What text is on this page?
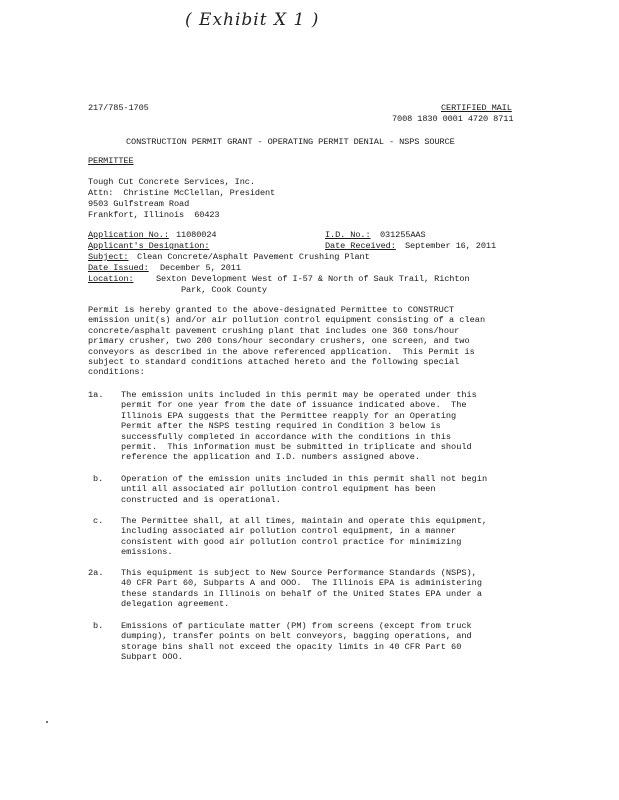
( Exhibit X 1 )
217/785-1705	CERTIFIED MAIL
7008 1830 0001 4720 8711
CONSTRUCTION PERMIT GRANT - OPERATING PERMIT DENIAL - NSPS SOURCE
PERMITTEE
Tough Cut Concrete Services, Inc.
Attn:  Christine McClellan, President
9503 Gulfstream Road
Frankfort, Illinois  60423
Application No.: 11080024	I.D. No.: 031255AAS
Applicant's Designation:	Date Received: September 16, 2011
Subject: Clean Concrete/Asphalt Pavement Crushing Plant
Date Issued: December 5, 2011
Location:	Sexton Development West of I-57 & North of Sauk Trail, Richton
Park, Cook County
Permit is hereby granted to the above-designated Permittee to CONSTRUCT
emission unit(s) and/or air pollution control equipment consisting of a clean
concrete/asphalt pavement crushing plant that includes one 360 tons/hour
primary crusher, two 200 tons/hour secondary crushers, one screen, and two
conveyors as described in the above referenced application.  This Permit is
subject to standard conditions attached hereto and the following special
conditions:
1a. The emission units included in this permit may be operated under this
permit for one year from the date of issuance indicated above.  The
Illinois EPA suggests that the Permittee reapply for an Operating
Permit after the NSPS testing required in Condition 3 below is
successfully completed in accordance with the conditions in this
permit.  This information must be submitted in triplicate and should
reference the application and I.D. numbers assigned above.
b. Operation of the emission units included in this permit shall not begin
until all associated air pollution control equipment has been
constructed and is operational.
c. The Permittee shall, at all times, maintain and operate this equipment,
including associated air pollution control equipment, in a manner
consistent with good air pollution control practice for minimizing
emissions.
2a. This equipment is subject to New Source Performance Standards (NSPS),
40 CFR Part 60, Subparts A and OOO.  The Illinois EPA is administering
these standards in Illinois on behalf of the United States EPA under a
delegation agreement.
b. Emissions of particulate matter (PM) from screens (except from truck
dumping), transfer points on belt conveyors, bagging operations, and
storage bins shall not exceed the opacity limits in 40 CFR Part 60
Subpart OOO.
